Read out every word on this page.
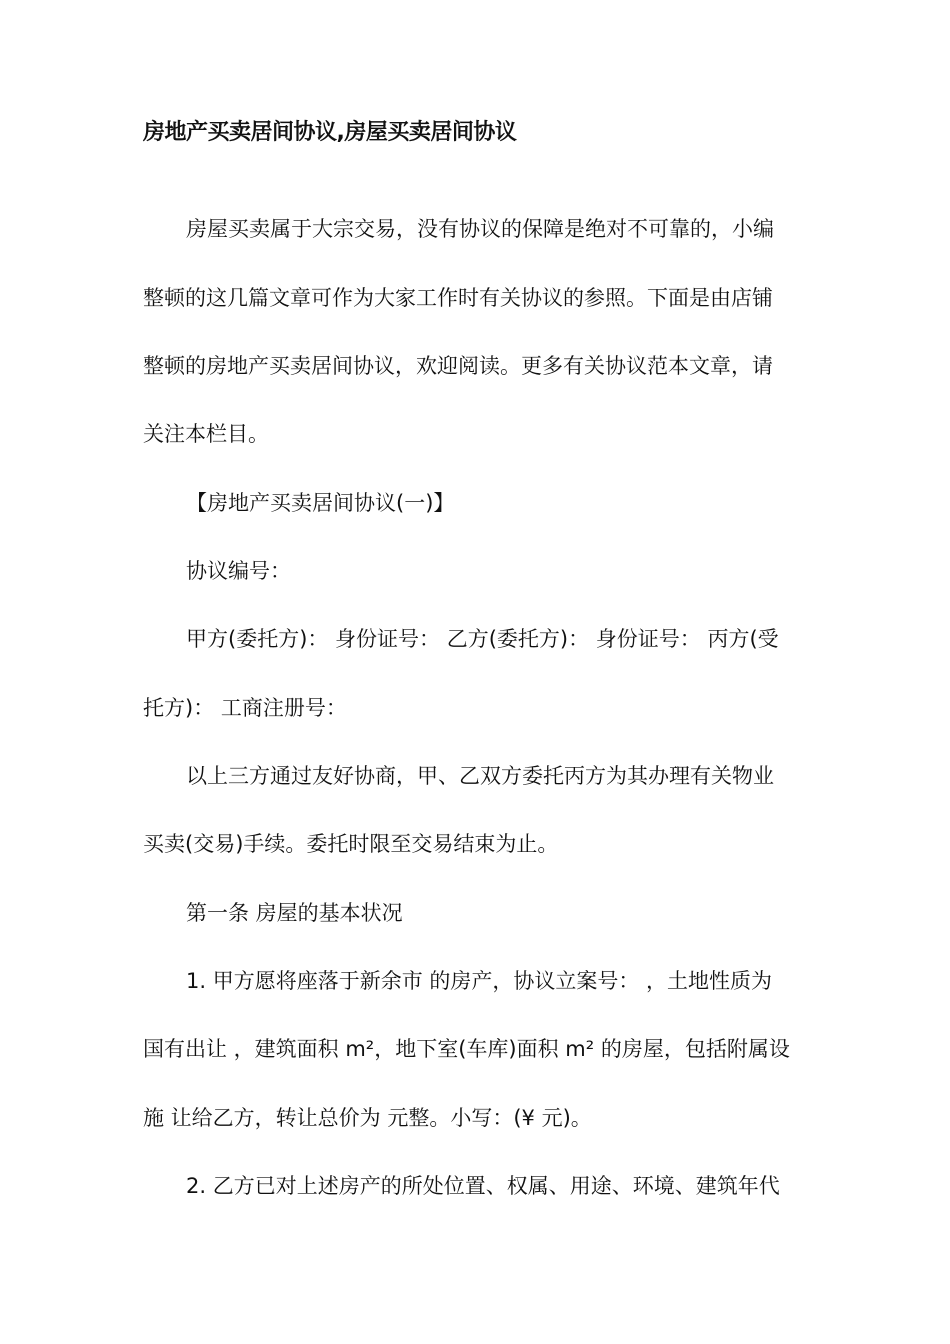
房地产买卖居间协议,房屋买卖居间协议
房屋买卖属于大宗交易，没有协议的保障是绝对不可靠的，小编
整顿的这几篇文章可作为大家工作时有关协议的参照。下面是由店铺
整顿的房地产买卖居间协议，欢迎阅读。更多有关协议范本文章，请
关注本栏目。
【房地产买卖居间协议(一)】
协议编号：
甲方(委托方)： 身份证号： 乙方(委托方)： 身份证号： 丙方(受
托方)： 工商注册号：
以上三方通过友好协商，甲、乙双方委托丙方为其办理有关物业
买卖(交易)手续。委托时限至交易结束为止。
第一条 房屋的基本状况
1. 甲方愿将座落于新余市 的房产，协议立案号： ，土地性质为
国有出让 ，建筑面积 m²，地下室(车库)面积 m² 的房屋，包括附属设
施 让给乙方，转让总价为 元整。小写：(¥ 元)。
2. 乙方已对上述房产的所处位置、权属、用途、环境、建筑年代
